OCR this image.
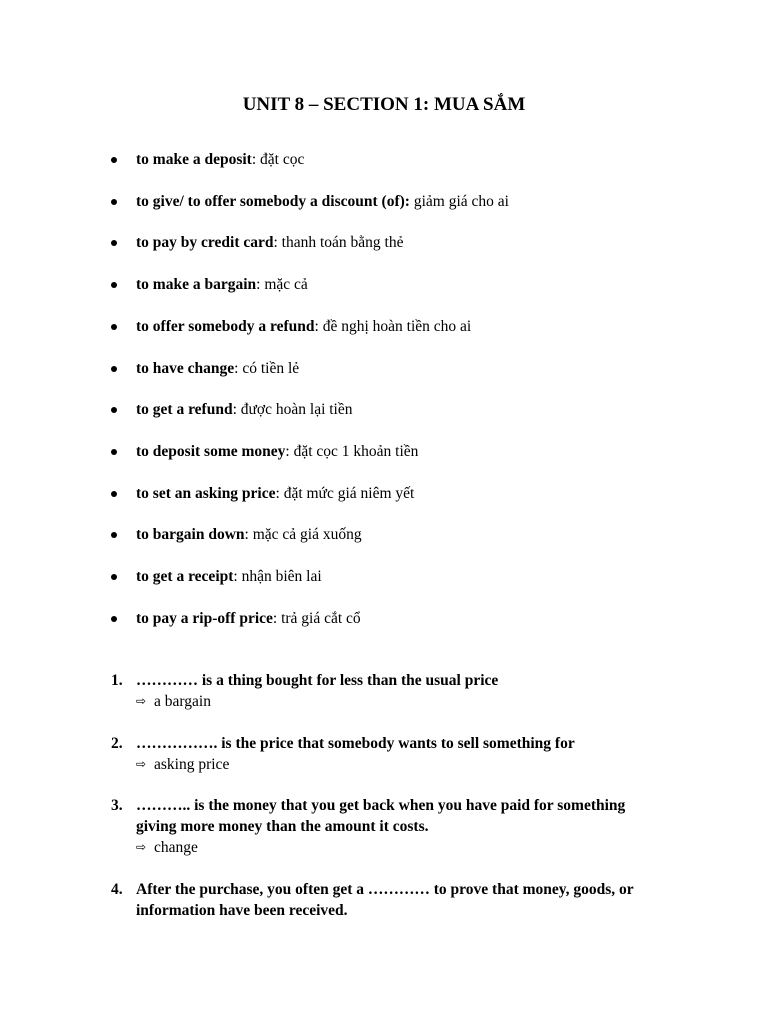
UNIT 8 – SECTION 1: MUA SẮM
to make a deposit: đặt cọc
to give/ to offer somebody a discount (of): giảm giá cho ai
to pay by credit card: thanh toán bằng thẻ
to make a bargain: mặc cả
to offer somebody a refund: đề nghị hoàn tiền cho ai
to have change: có tiền lẻ
to get a refund: được hoàn lại tiền
to deposit some money: đặt cọc 1 khoản tiền
to set an asking price: đặt mức giá niêm yết
to bargain down: mặc cả giá xuống
to get a receipt: nhận biên lai
to pay a rip-off price: trả giá cắt cổ
1. ………… is a thing bought for less than the usual price
⇨ a bargain
2. ……………. is the price that somebody wants to sell something for
⇨ asking price
3. ……….. is the money that you get back when you have paid for something
giving more money than the amount it costs.
⇨ change
4. After the purchase, you often get a ………… to prove that money, goods, or
information have been received.
